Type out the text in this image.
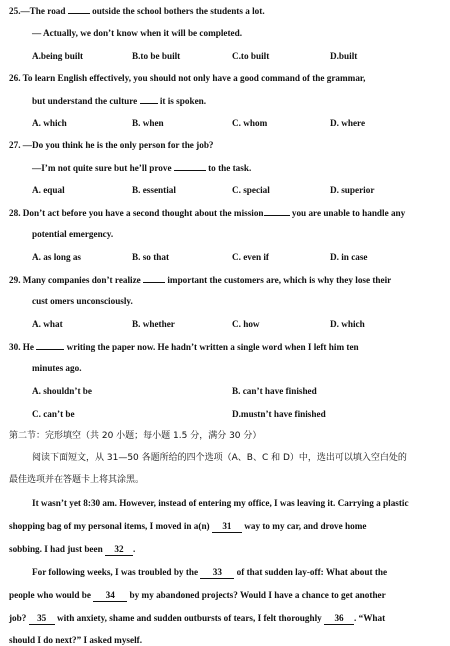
25.—The road	outside the school bothers the students a lot.
— Actually, we don’t know when it will be completed.
A.being built	B.to be built	C.to built	D.built
26. To learn English effectively, you should not only have a good command of the grammar,
but understand the culture it is spoken.
A. which	B. when	C. whom	D. where
27. —Do you think he is the only person for the job?
—I’m not quite sure but he’ll prove	to the task.
A. equal	B. essential	C. special	D. superior
28. Don’t act before you have a second thought about the mission	you are unable to handle any
potential emergency.
A. as long as	B. so that	C. even if	D. in case
29. Many companies don’t realize	important the customers are, which is why they lose their
cust omers unconsciously.
A. what	B. whether	C. how	D. which
30. He	writing the paper now. He hadn’t written a single word when I left him ten
minutes ago.
A. shouldn’t be	B. can’t have finished
C. can’t be	D.mustn’t have finished
第二节：完形填空（共 20 小题；每小题 1.5 分，满分 30 分）
阅读下面短文，从 31—50 各题所给的四个选项（A、B、C 和 D）中，选出可以填入空白处的
最佳选项并在答题卡上将其涂黑。
It wasn’t yet 8:30 am. However, instead of entering my office, I was leaving it. Carrying a plastic
shopping bag of my personal items, I moved in a(n) 31 way to my car, and drove home
sobbing. I had just been 32 .
For following weeks, I was troubled by the 33 of that sudden lay-off: What about the
people who would be 34 by my abandoned projects? Would I have a chance to get another
job? 35 with anxiety, shame and sudden outbursts of tears, I felt thoroughly 36 . “What
should I do next?” I asked myself.
